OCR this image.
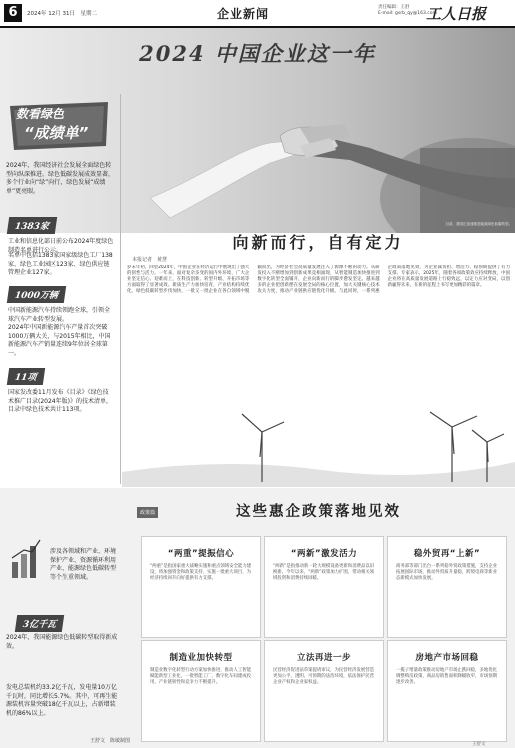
6	2024年 12月 31日　星期二	企业新闻	责任编辑：王舒
E-mail: gsrb_qy@163.com
工人日报
2024 中国企业这一年
目前，我国正加速推进能源绿色低碳转型。
数看绿色
“成绩单”
2024年，我国经济社会发展全面绿色转型向纵深推进。绿色低碳发展成效显著，多个行业向“绿”向行，绿色发展“成绩单”更亮眼。
1383家
工业和信息化部日前公布2024年度绿色制造名单进行公示。
名单中包括1383家国家级绿色工厂138家、绿色工业园区123家、绿色供应链管理企业127家。
1000万辆
中国新能源汽车持续领跑全球，引领全球汽车产业转型发展。
2024年中国新能源汽车产量首次突破1000万辆大关，与2015年相比，中国新能源汽车产销量连续9年位居全球第一。
11项
国家发改委11月发布《目录》《绿色技术推广目录(2024年版)》的技术清单，目录中绿色技术共计113项。
向新而行，自有定力
本报记者　黄慧
岁末年初，回望2024年，中国企业在经济运行中展现出了强大的韧性与活力。一年来，面对复杂多变的国内外环境，广大企业坚定信心、迎难而上，在科技创新、转型升级、开拓市场等方面取得了显著成效。新质生产力加快培育，产业结构持续优化，绿色低碳转型步伐加快，一批又一批企业在各自领域中脱颖而出，为经济社会高质量发展注入了源源不断的动力。从研发投入不断增加到创新成果竞相涌现，从智能制造加快推进到数字化转型全面铺开，企业向新而行的脚步愈发坚定。越来越多的企业把创新摆在发展全局的核心位置，加大关键核心技术攻关力度，推动产业链供应链优化升级。与此同时，一系列惠企政策落地见效，为企业减负担、增活力、稳预期提供了有力支撑。专家表示，2025年，随着各项政策效应持续释放，中国企业将在高质量发展道路上行稳致远，以定力应对变局，以创新赢得未来，在新的征程上书写更加精彩的篇章。
这些惠企政策落地见效
政策篇
涉及各领域和产业、环境保护产业、资源循环利用产业、能源绿色低碳转型等个生重领域。
3亿千瓦
2024年，我国能源绿色低碳转型取得新成效。
发电总装机约33.2亿千瓦，发电量10万亿千瓦时，同比增长5.7%。其中，可再生能源装机容量突破18亿千瓦以上，占新增装机的86%以上。
“两重”提振信心
“两重”是指国家重大战略实施和重点领域安全能力建设，将加强资金和政策支持，实施一批重大项目，为经济持续回升向好提供有力支撑。
“两新”激发活力
“两新”是指推动新一轮大规模设备更新和消费品以旧换新。今年以来，“两新”政策加力扩围，带动相关领域投资和消费持续回暖。
稳外贸再“上新”
商务部等部门出台一系列稳外贸政策措施，支持企业拓展国际市场，推动外贸质升量稳，跨境电商等新业态新模式加快发展。
制造业加快转型
制造业数字化转型行动方案加快推进，推动人工智能赋能新型工业化，一批智能工厂、数字化车间建成投用，产业链韧性和竞争力不断提升。
立法再进一步
民营经济促进法草案提请审议，为民营经济发展营造更加公平、透明、可预期的法治环境，依法保护民营企业产权和企业家权益。
房地产市场回稳
一揽子增量政策推动房地产市场止跌回稳，多地优化调整购房政策，商品房销售面积降幅收窄，市场预期逐步改善。
王舒文　陈敏制图
王舒文
